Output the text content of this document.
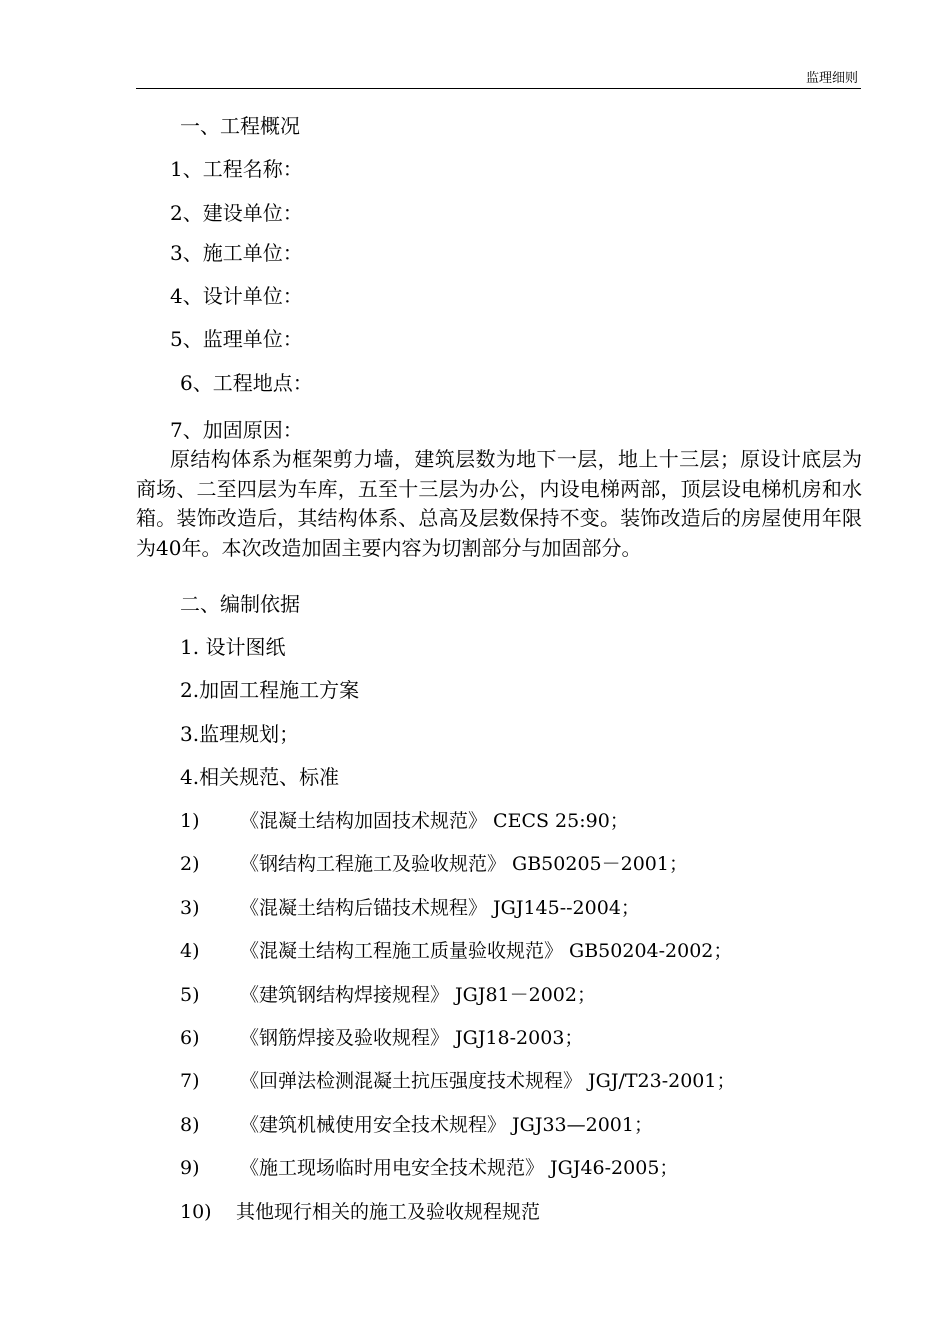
监理细则
一、工程概况
1、工程名称：
2、建设单位：
3、施工单位：
4、设计单位：
5、监理单位：
6、工程地点：
7、加固原因：
原结构体系为框架剪力墙，建筑层数为地下一层，地上十三层；原设计底层为商场、二至四层为车库，五至十三层为办公，内设电梯两部，顶层设电梯机房和水箱。装饰改造后，其结构体系、总高及层数保持不变。装饰改造后的房屋使用年限为40年。本次改造加固主要内容为切割部分与加固部分。
二、编制依据
1. 设计图纸
2.加固工程施工方案
3.监理规划；
4.相关规范、标准
1) 《混凝土结构加固技术规范》 CECS 25:90；
2) 《钢结构工程施工及验收规范》 GB50205－2001；
3) 《混凝土结构后锚技术规程》 JGJ145--2004；
4) 《混凝土结构工程施工质量验收规范》 GB50204-2002；
5) 《建筑钢结构焊接规程》 JGJ81－2002；
6) 《钢筋焊接及验收规程》 JGJ18-2003；
7) 《回弹法检测混凝土抗压强度技术规程》 JGJ/T23-2001；
8) 《建筑机械使用安全技术规程》 JGJ33—2001；
9) 《施工现场临时用电安全技术规范》 JGJ46-2005；
10) 其他现行相关的施工及验收规程规范
